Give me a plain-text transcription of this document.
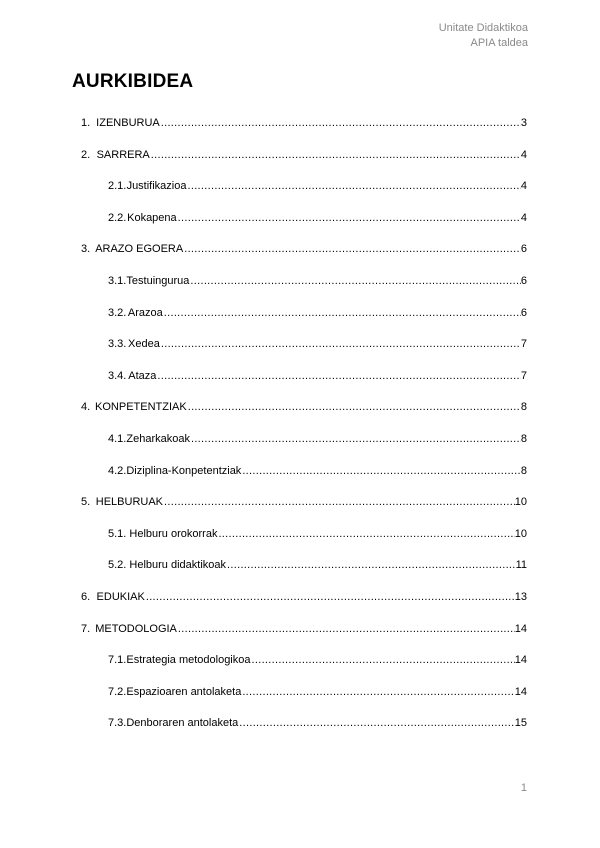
Unitate Didaktikoa
APIA taldea
AURKIBIDEA
1. IZENBURUA .....	3
2. SARRERA .....	4
2.1. Justifikazioa .....	4
2.2. Kokapena .....	4
3. ARAZO EGOERA .....	6
3.1. Testuingurua .....	6
3.2. Arazoa .....	6
3.3. Xedea .....	7
3.4. Ataza .....	7
4. KONPETENTZIAK .....	8
4.1. Zeharkakoak .....	8
4.2. Diziplina-Konpetentziak .....	8
5. HELBURUAK .....	10
5.1. Helburu orokorrak .....	10
5.2. Helburu didaktikoak .....	11
6. EDUKIAK .....	13
7. METODOLOGIA .....	14
7.1. Estrategia metodologikoa .....	14
7.2. Espazioaren antolaketa .....	14
7.3. Denboraren antolaketa .....	15
1
